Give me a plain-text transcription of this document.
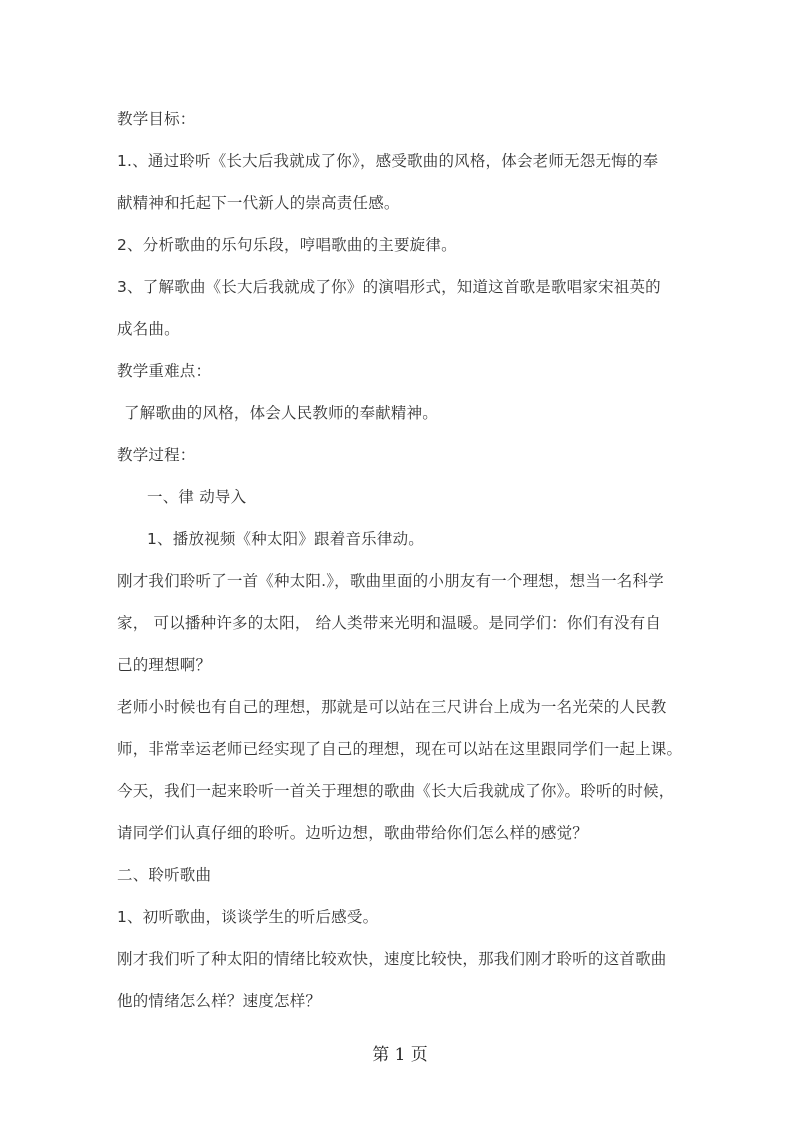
教学目标：
1.、通过聆听《长大后我就成了你》，感受歌曲的风格，体会老师无怨无悔的奉
献精神和托起下一代新人的崇高责任感。
2、分析歌曲的乐句乐段，哼唱歌曲的主要旋律。
3、了解歌曲《长大后我就成了你》的演唱形式，知道这首歌是歌唱家宋祖英的
成名曲。
教学重难点：
了解歌曲的风格，体会人民教师的奉献精神。
教学过程：
一、律 动导入
1、播放视频《种太阳》跟着音乐律动。
刚才我们聆听了一首《种太阳.》，歌曲里面的小朋友有一个理想，想当一名科学
家， 可以播种许多的太阳， 给人类带来光明和温暖。是同学们：你们有没有自
己的理想啊？
老师小时候也有自己的理想，那就是可以站在三尺讲台上成为一名光荣的人民教
师，非常幸运老师已经实现了自己的理想，现在可以站在这里跟同学们一起上课。
今天，我们一起来聆听一首关于理想的歌曲《长大后我就成了你》。聆听的时候，
请同学们认真仔细的聆听。边听边想，歌曲带给你们怎么样的感觉？
二、聆听歌曲
1、初听歌曲，谈谈学生的听后感受。
刚才我们听了种太阳的情绪比较欢快，速度比较快，那我们刚才聆听的这首歌曲
他的情绪怎么样？速度怎样？
第 1 页
